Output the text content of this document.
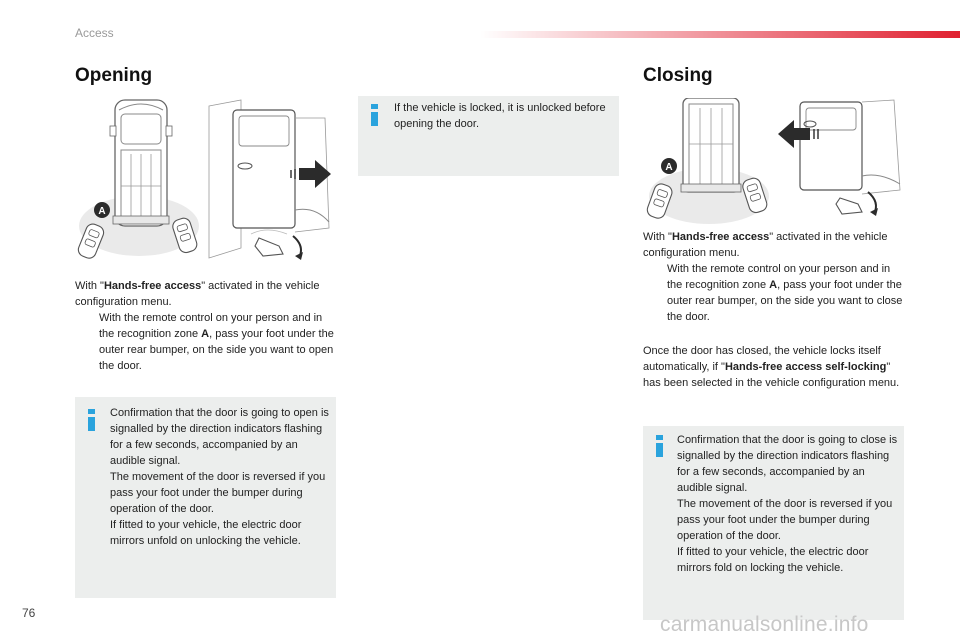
Access
Opening
A

With "Hands-free access" activated in the vehicle configuration menu.

With the remote control on your person and in the recognition zone A, pass your foot under the outer rear bumper, on the side you want to open the door.

Confirmation that the door is going to open is signalled by the direction indicators flashing for a few seconds, accompanied by an audible signal.

The movement of the door is reversed if you pass your foot under the bumper during operation of the door.

If fitted to your vehicle, the electric door mirrors unfold on unlocking the vehicle.

If the vehicle is locked, it is unlocked before opening the door.
Closing
A

With "Hands-free access" activated in the vehicle configuration menu.

With the remote control on your person and in the recognition zone A, pass your foot under the outer rear bumper, on the side you want to close the door.

Once the door has closed, the vehicle locks itself automatically, if "Hands-free access self-locking" has been selected in the vehicle configuration menu.

Confirmation that the door is going to close is signalled by the direction indicators flashing for a few seconds, accompanied by an audible signal.

The movement of the door is reversed if you pass your foot under the bumper during operation of the door.

If fitted to your vehicle, the electric door mirrors fold on locking the vehicle.

76	carmanualsonline.info
